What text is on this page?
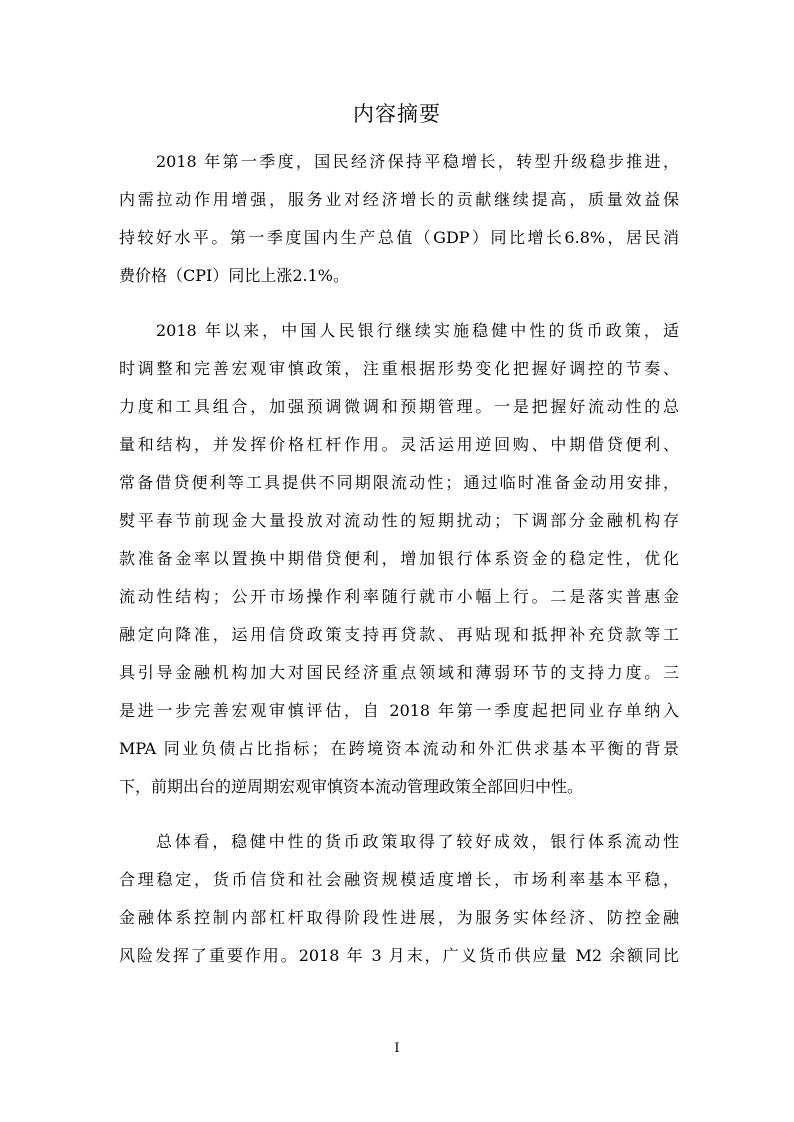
内容摘要

2018 年第一季度，国民经济保持平稳增长，转型升级稳步推进，
内需拉动作用增强，服务业对经济增长的贡献继续提高，质量效益保
持较好水平。第一季度国内生产总值（GDP）同比增长6.8%，居民消
费价格（CPI）同比上涨2.1%。

2018 年以来，中国人民银行继续实施稳健中性的货币政策，适
时调整和完善宏观审慎政策，注重根据形势变化把握好调控的节奏、
力度和工具组合，加强预调微调和预期管理。一是把握好流动性的总
量和结构，并发挥价格杠杆作用。灵活运用逆回购、中期借贷便利、
常备借贷便利等工具提供不同期限流动性；通过临时准备金动用安排，
熨平春节前现金大量投放对流动性的短期扰动；下调部分金融机构存
款准备金率以置换中期借贷便利，增加银行体系资金的稳定性，优化
流动性结构；公开市场操作利率随行就市小幅上行。二是落实普惠金
融定向降准，运用信贷政策支持再贷款、再贴现和抵押补充贷款等工
具引导金融机构加大对国民经济重点领域和薄弱环节的支持力度。三
是进一步完善宏观审慎评估，自 2018 年第一季度起把同业存单纳入
MPA 同业负债占比指标；在跨境资本流动和外汇供求基本平衡的背景
下，前期出台的逆周期宏观审慎资本流动管理政策全部回归中性。

总体看，稳健中性的货币政策取得了较好成效，银行体系流动性
合理稳定，货币信贷和社会融资规模适度增长，市场利率基本平稳，
金融体系控制内部杠杆取得阶段性进展，为服务实体经济、防控金融
风险发挥了重要作用。2018 年 3 月末，广义货币供应量 M2 余额同比

I
